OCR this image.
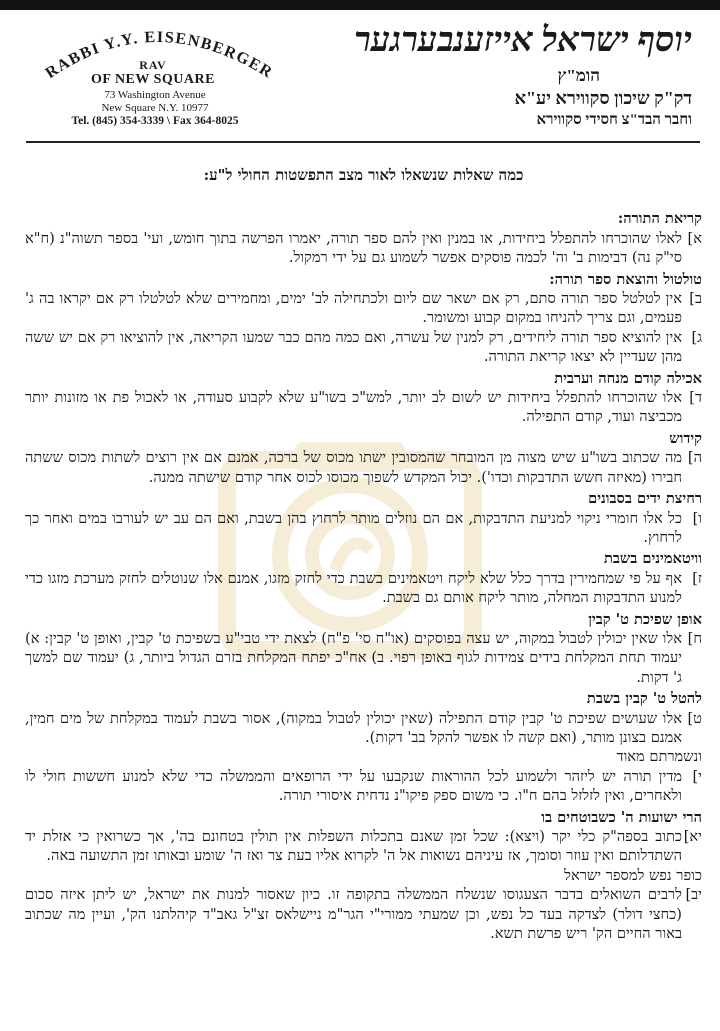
RABBI Y.Y. EISENBERGER
RAV
OF NEW SQUARE
73 Washington Avenue
New Square N.Y. 10977
Tel. (845) 354-3339 \ Fax 364-8025
יוסף ישראל אייזענבערגער
הומ"ץ
דק"ק שיכון סקווירא יע"א
וחבר הבד"צ חסידי סקווירא
כמה שאלות שנשאלו לאור מצב התפשטות החולי ל"ע:
קריאת התורה:
א]
לאלו שהוכרחו להתפלל ביחידות, או במנין ואין להם ספר תורה, יאמרו הפרשה בתוך חומש, ועי' בספר תשוה"נ (ח"א סי"ק נה) דבימות ב' וה' לכמה פוסקים אפשר לשמוע גם על ידי רמקול.
טולטול והוצאת ספר תורה:
ב]
אין לטלטל ספר תורה סתם, רק אם ישאר שם ליום ולכתחילה לב' ימים, ומחמירים שלא לטלטלו רק אם יקראו בה ג' פעמים, וגם צריך להניחו במקום קבוע ומשומר.
ג]
אין להוציא ספר תורה ליחידים, רק למנין של עשרה, ואם כמה מהם כבר שמעו הקריאה, אין להוציאו רק אם יש ששה מהן שעדיין לא יצאו קריאת התורה.
אכילה קודם מנחה וערבית
ד]
אלו שהוכרחו להתפלל ביחידות יש לשום לב יותר, למש"כ בשו"ע שלא לקבוע סעודה, או לאכול פת או מזונות יותר מכביצה ועוד, קודם התפילה.
קידוש
ה]
מה שכתוב בשו"ע שיש מצוה מן המובחר שהמסובין ישתו מכוס של ברכה, אמנם אם אין רוצים לשתות מכוס ששתה חבירו (מאיזה חשש התדבקות וכדו'). יכול המקדש לשפוך מכוסו לכוס אחר קודם שישתה ממנה.
רחיצת ידים בסבונים
ו]
כל אלו חומרי ניקוי למניעת התדבקות, אם הם נוזלים מותר לרחוץ בהן בשבת, ואם הם עב יש לעורבו במים ואחר כך לרחוץ.
וויטאמינים בשבת
ז]
אף על פי שמחמירין בדרך כלל שלא ליקח ויטאמינים בשבת כדי לחזק מזגו, אמנם אלו שנוטלים לחזק מערכת מזגו כדי למנוע התדבקות המחלה, מותר ליקח אותם גם בשבת.
אופן שפיכת ט' קבין
ח]
אלו שאין יכולין לטבול במקוה, יש עצה בפוסקים (או"ח סי' פ"ח) לצאת ידי טבי"ע בשפיכת ט' קבין, ואופן ט' קבין: א) יעמוד תחת המקלחת בידים צמידות לגוף באופן רפוי. ב) אח"כ יפתח המקלחת בזרם הגדול ביותר, ג) יעמוד שם למשך ג' דקות.
להטל ט' קבין בשבת
ט]
אלו שעושים שפיכת ט' קבין קודם התפילה (שאין יכולין לטבול במקוה), אסור בשבת לעמוד במקלחת של מים חמין, אמנם בצונן מותר, (ואם קשה לו אפשר להקל בב' דקות).
ונשמרתם מאוד
י]
מדין תורה יש ליזהר ולשמוע לכל ההוראות שנקבעו על ידי הרופאים והממשלה כדי שלא למנוע חששות חולי לו ולאחרים, ואין לזלזל בהם ח"ו. כי משום ספק פיקו"נ נדחית איסורי תורה.
הרי ישועות ה' כשבוטחים בו
יא]
כתוב בספה"ק כלי יקר (ויצא): שכל זמן שאנם בתכלות השפלות אין תולין בטחונם בה', אך כשרואין כי אזלת יד השתדלותם ואין עוזר וסומך, אז עיניהם נשואות אל ה' לקרוא אליו בעת צר ואז ה' שומע ובאותו זמן התשועה באה.
כופר נפש למספר ישראל
יב]
לרבים השואלים בדבר הצעגוסו שנשלח הממשלה בתקופה זו. כיון שאסור למנות את ישראל, יש ליתן איזה סכום (כחצי דולר) לצדקה בעד כל נפש, וכן שמעתי ממורי"י הגר"מ ניישלאס זצ"ל גאב"ד קיהלתנו הק', ועיין מה שכתוב באור החיים הק' ריש פרשת תשא.
